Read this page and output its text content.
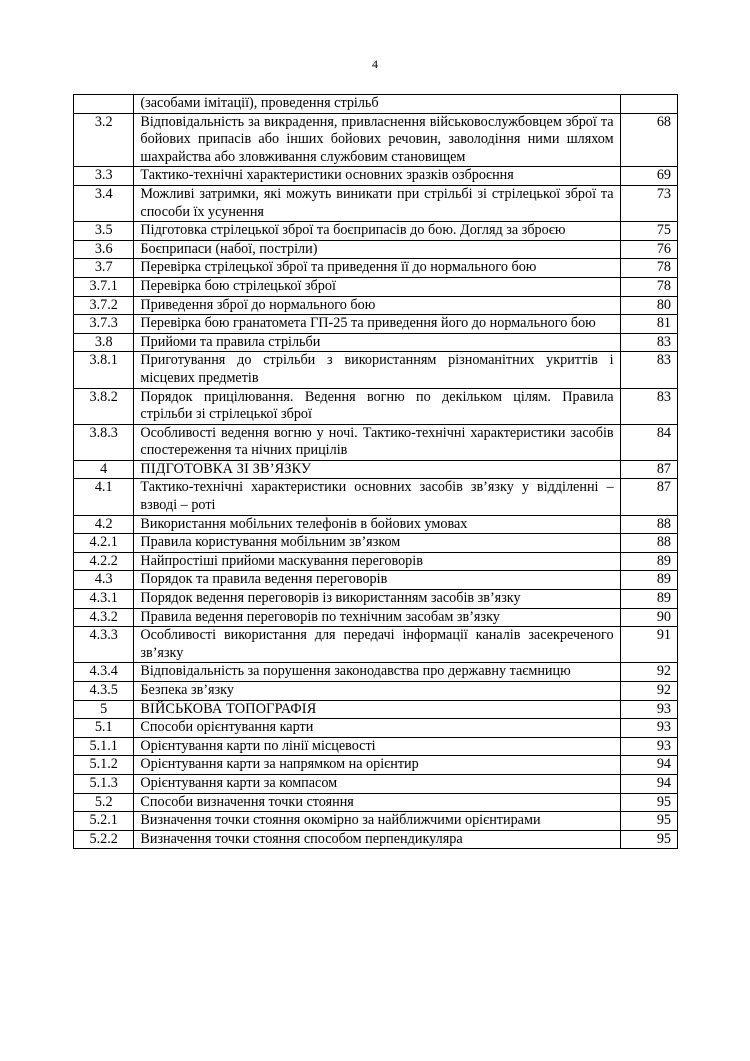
4
	(засобами імітації), проведення стрільб	
3.2	Відповідальність за викрадення, привласнення військовослужбовцем зброї та бойових припасів або інших бойових речовин, заволодіння ними шляхом шахрайства або зловживання службовим становищем	68
3.3	Тактико-технічні характеристики основних зразків озброєння	69
3.4	Можливі затримки, які можуть виникати при стрільбі зі стрілецької зброї та способи їх усунення	73
3.5	Підготовка стрілецької зброї та боєприпасів до бою. Догляд за зброєю	75
3.6	Боєприпаси (набої, постріли)	76
3.7	Перевірка стрілецької зброї та приведення її до нормального бою	78
3.7.1	Перевірка бою стрілецької зброї	78
3.7.2	Приведення зброї до нормального бою	80
3.7.3	Перевірка бою гранатомета ГП-25 та приведення його до нормального бою	81
3.8	Прийоми та правила стрільби	83
3.8.1	Приготування до стрільби з використанням різноманітних укриттів і місцевих предметів	83
3.8.2	Порядок прицілювання. Ведення вогню по декільком цілям. Правила стрільби зі стрілецької зброї	83
3.8.3	Особливості ведення вогню у ночі. Тактико-технічні характеристики засобів спостереження та нічних прицілів	84
4	ПІДГОТОВКА ЗІ ЗВ’ЯЗКУ	87
4.1	Тактико-технічні характеристики основних засобів зв’язку у відділенні – взводі – роті	87
4.2	Використання мобільних телефонів в бойових умовах	88
4.2.1	Правила користування мобільним зв’язком	88
4.2.2	Найпростіші прийоми маскування переговорів	89
4.3	Порядок та правила ведення переговорів	89
4.3.1	Порядок ведення переговорів із використанням засобів зв’язку	89
4.3.2	Правила ведення переговорів по технічним засобам зв’язку	90
4.3.3	Особливості використання для передачі інформації каналів засекреченого зв’язку	91
4.3.4	Відповідальність за порушення законодавства про державну таємницю	92
4.3.5	Безпека зв’язку	92
5	ВІЙСЬКОВА ТОПОГРАФІЯ	93
5.1	Способи орієнтування карти	93
5.1.1	Орієнтування карти по лінії місцевості	93
5.1.2	Орієнтування карти за напрямком на орієнтир	94
5.1.3	Орієнтування карти за компасом	94
5.2	Способи визначення точки стояння	95
5.2.1	Визначення точки стояння окомірно за найближчими орієнтирами	95
5.2.2	Визначення точки стояння способом перпендикуляра	95
